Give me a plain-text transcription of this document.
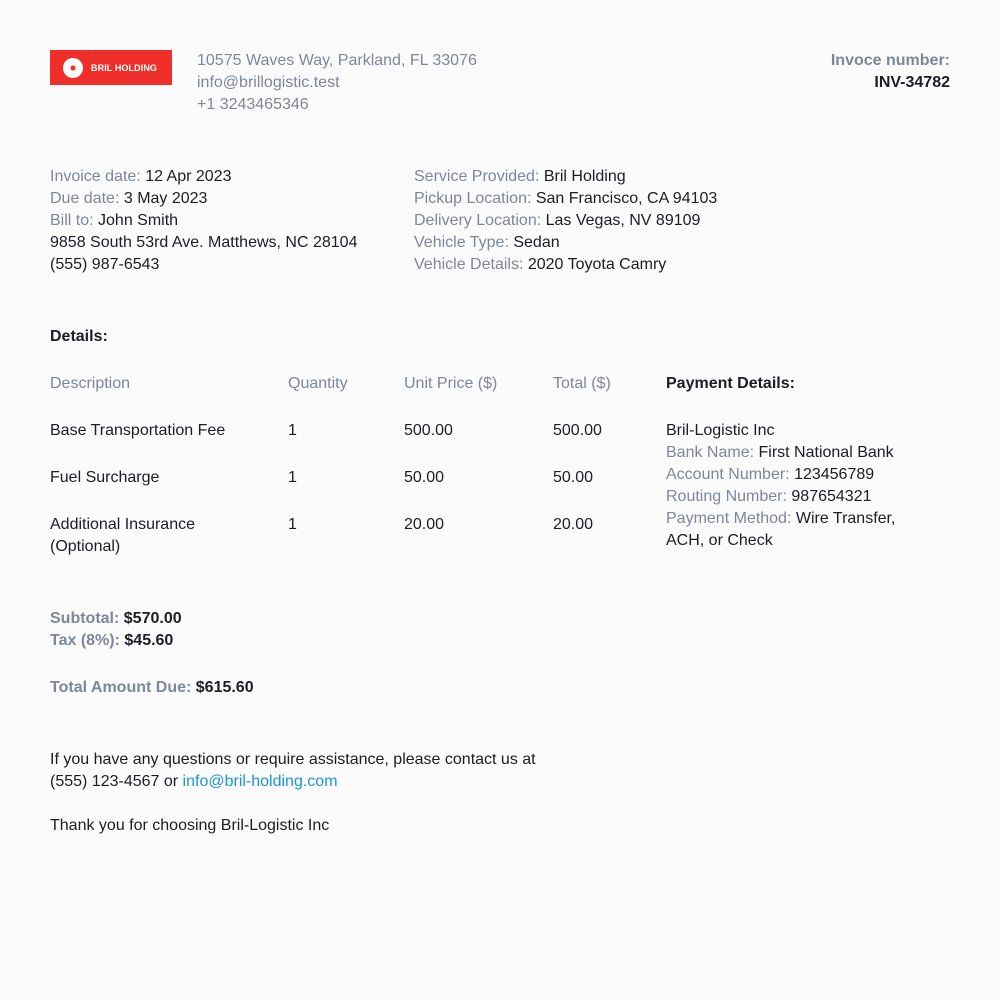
BRIL HOLDING 10575 Waves Way, Parkland, FL 33076
info@brillogistic.test
+1 3243465346
Invoce number:
INV-34782
Invoice date: 12 Apr 2023
Due date: 3 May 2023
Bill to: John Smith
9858 South 53rd Ave. Matthews, NC 28104
(555) 987-6543
Service Provided: Bril Holding
Pickup Location: San Francisco, CA 94103
Delivery Location: Las Vegas, NV 89109
Vehicle Type: Sedan
Vehicle Details: 2020 Toyota Camry
Details:
Description	Quantity	Unit Price ($)	Total ($)
Base Transportation Fee	1	500.00	500.00
Fuel Surcharge	1	50.00	50.00
Additional Insurance
(Optional)
1	20.00	20.00
Payment Details:
Bril-Logistic Inc
Bank Name: First National Bank
Account Number: 123456789
Routing Number: 987654321
Payment Method: Wire Transfer,
ACH, or Check
Subtotal: $570.00
Tax (8%): $45.60
Total Amount Due: $615.60
If you have any questions or require assistance, please contact us at
(555) 123-4567 or info@bril-holding.com
Thank you for choosing Bril-Logistic Inc
